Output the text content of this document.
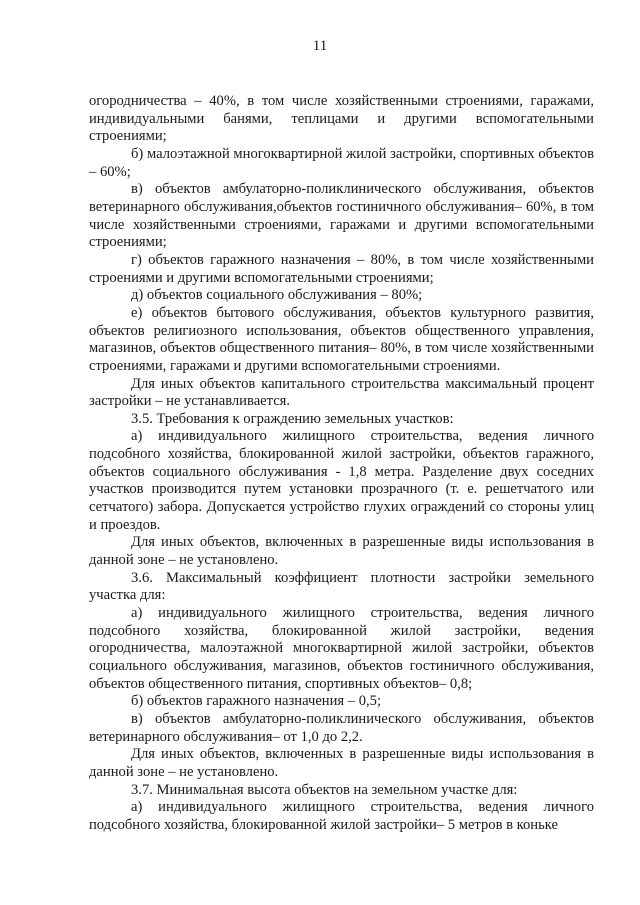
11

огородничества – 40%, в том числе хозяйственными строениями, гаражами, индивидуальными банями, теплицами и другими вспомогательными строениями;

б) малоэтажной многоквартирной жилой застройки, спортивных объектов – 60%;

в) объектов амбулаторно-поликлинического обслуживания, объектов ветеринарного обслуживания,объектов гостиничного обслуживания– 60%, в том числе хозяйственными строениями, гаражами и другими вспомогательными строениями;

г) объектов гаражного назначения – 80%, в том числе хозяйственными строениями и другими вспомогательными строениями;

д) объектов социального обслуживания – 80%;

е) объектов бытового обслуживания, объектов культурного развития, объектов религиозного использования, объектов общественного управления, магазинов, объектов общественного питания– 80%, в том числе хозяйственными строениями, гаражами и другими вспомогательными строениями.

Для иных объектов капитального строительства максимальный процент застройки – не устанавливается.

3.5. Требования к ограждению земельных участков:

а) индивидуального жилищного строительства, ведения личного подсобного хозяйства, блокированной жилой застройки, объектов гаражного, объектов социального обслуживания - 1,8 метра. Разделение двух соседних участков производится путем установки прозрачного (т. е. решетчатого или сетчатого) забора. Допускается устройство глухих ограждений со стороны улиц и проездов.

Для иных объектов, включенных в разрешенные виды использования в данной зоне – не установлено.

3.6. Максимальный коэффициент плотности застройки земельного участка для:

а) индивидуального жилищного строительства, ведения личного подсобного хозяйства, блокированной жилой застройки, ведения огородничества, малоэтажной многоквартирной жилой застройки, объектов социального обслуживания, магазинов, объектов гостиничного обслуживания, объектов общественного питания, спортивных объектов– 0,8;

б) объектов гаражного назначения – 0,5;

в) объектов амбулаторно-поликлинического обслуживания, объектов ветеринарного обслуживания– от 1,0 до 2,2.

Для иных объектов, включенных в разрешенные виды использования в данной зоне – не установлено.

3.7. Минимальная высота объектов на земельном участке для:

а) индивидуального жилищного строительства, ведения личного подсобного хозяйства, блокированной жилой застройки– 5 метров в коньке
